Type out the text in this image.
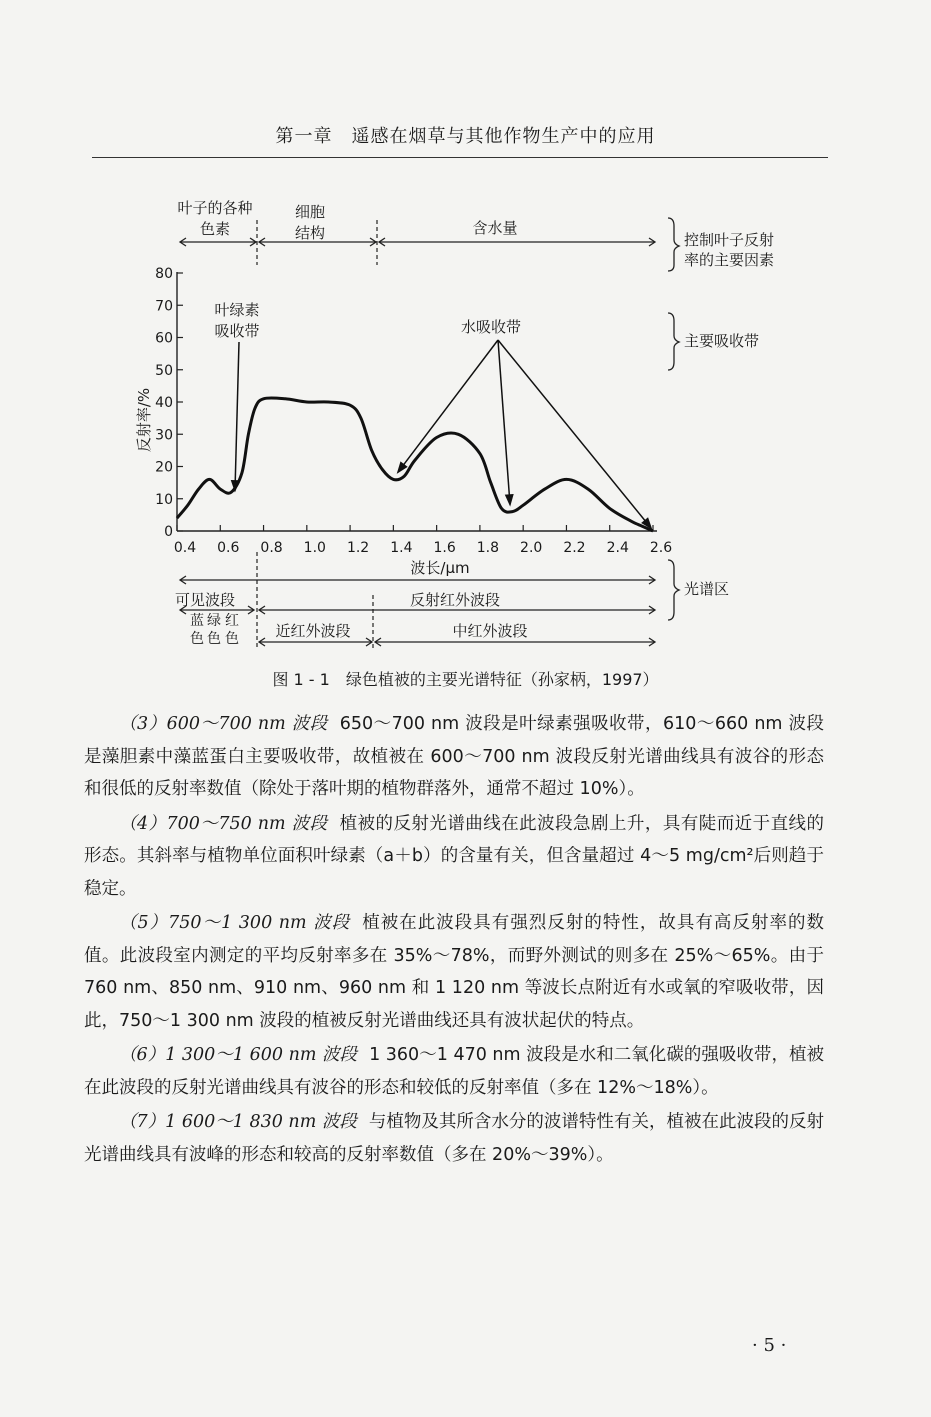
第一章　遥感在烟草与其他作物生产中的应用
叶子的各种
色素
细胞
结构	含水量
控制叶子反射
率的主要因素
主要吸收带
0
10
20
30
40
50
60
70
80
0.4 0.6 0.8 1.0 1.2 1.4 1.6 1.8 2.0 2.2 2.4 2.6
反射率/%
叶绿素
吸收带	水吸收带
波长/μm
可见波段	反射红外波段
近红外波段	中红外波段
蓝
色
绿
色
红
色
光谱区
图 1 - 1　绿色植被的主要光谱特征（孙家柄，1997）

（3）600～700 nm 波段 650～700 nm 波段是叶绿素强吸收带，610～660 nm 波段是藻胆素中藻蓝蛋白主要吸收带，故植被在 600～700 nm 波段反射光谱曲线具有波谷的形态和很低的反射率数值（除处于落叶期的植物群落外，通常不超过 10%）。

（4）700～750 nm 波段 植被的反射光谱曲线在此波段急剧上升，具有陡而近于直线的形态。其斜率与植物单位面积叶绿素（a＋b）的含量有关，但含量超过 4～5 mg/cm²后则趋于稳定。

（5）750～1 300 nm 波段 植被在此波段具有强烈反射的特性，故具有高反射率的数值。此波段室内测定的平均反射率多在 35%～78%，而野外测试的则多在 25%～65%。由于 760 nm、850 nm、910 nm、960 nm 和 1 120 nm 等波长点附近有水或氧的窄吸收带，因此，750～1 300 nm 波段的植被反射光谱曲线还具有波状起伏的特点。

（6）1 300～1 600 nm 波段 1 360～1 470 nm 波段是水和二氧化碳的强吸收带，植被在此波段的反射光谱曲线具有波谷的形态和较低的反射率值（多在 12%～18%）。

（7）1 600～1 830 nm 波段 与植物及其所含水分的波谱特性有关，植被在此波段的反射光谱曲线具有波峰的形态和较高的反射率数值（多在 20%～39%）。

· 5 ·
